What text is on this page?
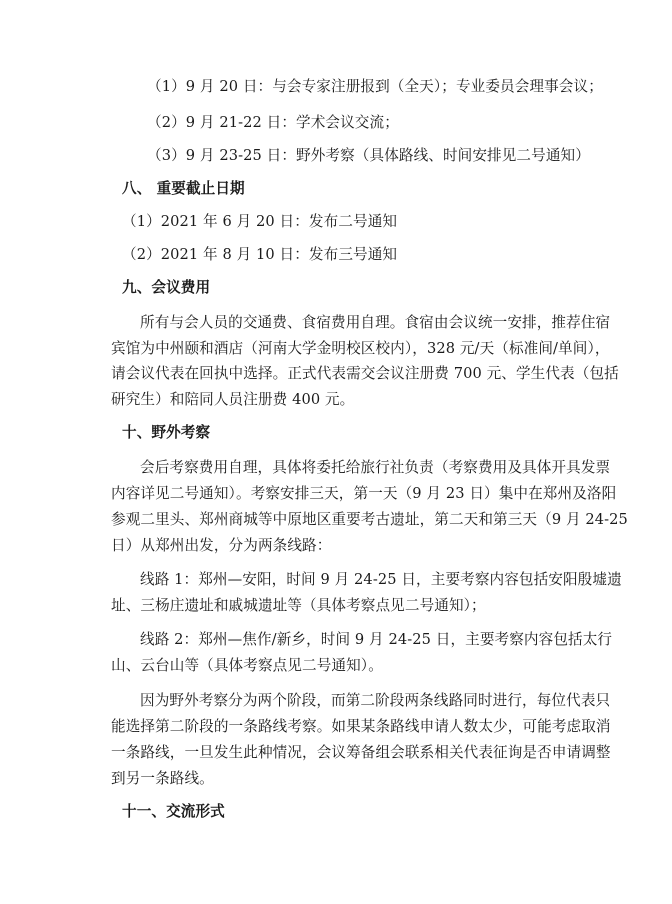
（1）9 月 20 日：与会专家注册报到（全天）；专业委员会理事会议；
（2）9 月 21-22 日：学术会议交流；
（3）9 月 23-25 日：野外考察（具体路线、时间安排见二号通知）
八、 重要截止日期
（1）2021 年 6 月 20 日：发布二号通知
（2）2021 年 8 月 10 日：发布三号通知
九、会议费用
所有与会人员的交通费、食宿费用自理。食宿由会议统一安排，推荐住宿
宾馆为中州颐和酒店（河南大学金明校区校内），328 元/天（标准间/单间），
请会议代表在回执中选择。正式代表需交会议注册费 700 元、学生代表（包括
研究生）和陪同人员注册费 400 元。
十、野外考察
会后考察费用自理，具体将委托给旅行社负责（考察费用及具体开具发票
内容详见二号通知）。考察安排三天，第一天（9 月 23 日）集中在郑州及洛阳
参观二里头、郑州商城等中原地区重要考古遗址，第二天和第三天（9 月 24-25
日）从郑州出发，分为两条线路：
线路 1：郑州—安阳，时间 9 月 24-25 日，主要考察内容包括安阳殷墟遗
址、三杨庄遗址和戚城遗址等（具体考察点见二号通知）；
线路 2：郑州—焦作/新乡，时间 9 月 24-25 日，主要考察内容包括太行
山、云台山等（具体考察点见二号通知）。
因为野外考察分为两个阶段，而第二阶段两条线路同时进行，每位代表只
能选择第二阶段的一条路线考察。如果某条路线申请人数太少，可能考虑取消
一条路线，一旦发生此种情况，会议筹备组会联系相关代表征询是否申请调整
到另一条路线。
十一、交流形式
